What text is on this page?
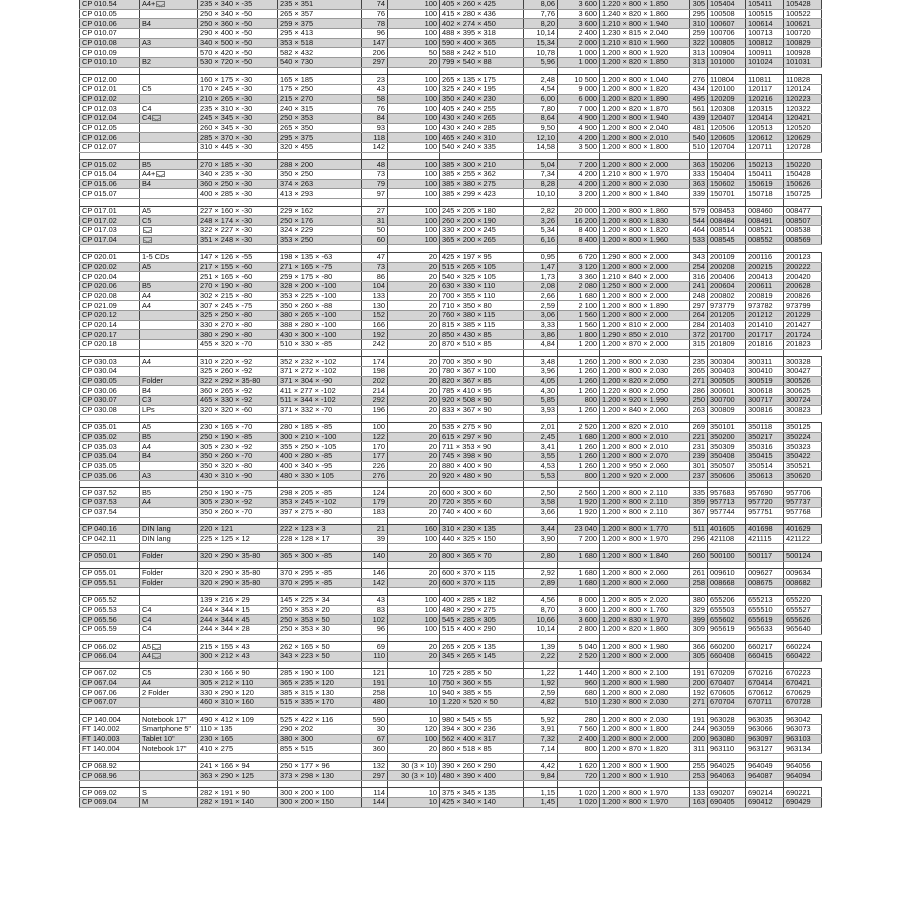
CP 010.54	A4+	235 × 340 × -35	235 × 351	74	100	405 × 260 × 425	8,06	3 600	1.220 × 800 × 1.850	305	105404	105411	105428
CP 010.05		250 × 340 × -50	265 × 357	76	100	415 × 280 × 436	7,76	3 600	1.240 × 820 × 1.860	295	100508	100515	100522
CP 010.06	B4	250 × 360 × -50	259 × 375	78	100	402 × 274 × 450	8,20	3 600	1.210 × 800 × 1.940	310	100607	100614	100621
CP 010.07		290 × 400 × -50	295 × 413	96	100	488 × 395 × 318	10,14	2 400	1.230 × 815 × 2.040	259	100706	100713	100720
CP 010.08	A3	340 × 500 × -50	353 × 518	147	100	590 × 400 × 365	15,34	2 000	1.210 × 810 × 1.960	322	100805	100812	100829
CP 010.09		570 × 420 × -50	582 × 432	206	50	588 × 242 × 510	10,78	1 000	1.200 × 800 × 1.920	313	100904	100911	100928
CP 010.10	B2	530 × 720 × -50	540 × 730	297	20	799 × 540 × 88	5,96	1 000	1.200 × 820 × 1.850	313	101000	101024	101031

CP 012.00		160 × 175 × -30	165 × 185	23	100	265 × 135 × 175	2,48	10 500	1.200 × 800 × 1.040	276	110804	110811	110828
CP 012.01	C5	170 × 245 × -30	175 × 250	43	100	325 × 240 × 195	4,54	9 000	1.200 × 800 × 1.820	434	120100	120117	120124
CP 012.02		210 × 265 × -30	215 × 270	58	100	350 × 240 × 230	6,00	6 000	1.200 × 820 × 1.890	495	120209	120216	120223
CP 012.03	C4	235 × 310 × -30	240 × 315	76	100	405 × 240 × 255	7,80	7 000	1.200 × 820 × 1.870	561	120308	120315	120322
CP 012.04	C4	245 × 345 × -30	250 × 353	84	100	430 × 240 × 265	8,64	4 900	1.200 × 800 × 1.940	439	120407	120414	120421
CP 012.05		260 × 345 × -30	265 × 350	93	100	430 × 240 × 285	9,50	4 900	1.200 × 800 × 2.040	481	120506	120513	120520
CP 012.06		285 × 370 × -30	295 × 375	118	100	465 × 240 × 310	12,10	4 200	1.200 × 800 × 2.010	540	120605	120612	120629
CP 012.07		310 × 445 × -30	320 × 455	142	100	540 × 240 × 335	14,58	3 500	1.200 × 800 × 1.800	510	120704	120711	120728

CP 015.02	B5	270 × 185 × -30	288 × 200	48	100	385 × 300 × 210	5,04	7 200	1.200 × 800 × 2.000	363	150206	150213	150220
CP 015.04	A4+	340 × 235 × -30	350 × 250	73	100	385 × 255 × 362	7,34	4 200	1.210 × 800 × 1.970	333	150404	150411	150428
CP 015.06	B4	360 × 250 × -30	374 × 263	79	100	385 × 380 × 275	8,28	4 200	1.200 × 800 × 2.030	363	150602	150619	150626
CP 015.07		400 × 285 × -30	413 × 293	97	100	385 × 299 × 423	10,10	3 200	1.200 × 800 × 1.840	339	150701	150718	150725

CP 017.01	A5	227 × 160 × -30	229 × 162	27	100	245 × 205 × 180	2,82	20 000	1.200 × 800 × 1.860	579	008453	008460	008477
CP 017.02	C5	248 × 174 × -30	250 × 176	31	100	260 × 200 × 190	3,26	16 200	1.200 × 800 × 1.830	544	008484	008491	008507
CP 017.03		322 × 227 × -30	324 × 229	50	100	330 × 200 × 245	5,34	8 400	1.200 × 800 × 1.820	464	008514	008521	008538
CP 017.04		351 × 248 × -30	353 × 250	60	100	365 × 200 × 265	6,16	8 400	1.200 × 800 × 1.960	533	008545	008552	008569

CP 020.01	1-5 CDs	147 × 126 × -55	198 × 135 × -63	47	20	425 × 197 × 95	0,95	6 720	1.290 × 800 × 2.000	343	200109	200116	200123
CP 020.02	A5	217 × 155 × -60	271 × 165 × -75	73	20	515 × 265 × 105	1,47	3 120	1.200 × 800 × 2.000	254	200208	200215	200222
CP 020.04		251 × 165 × -60	259 × 175 × -80	86	20	540 × 325 × 105	1,73	3 360	1.210 × 840 × 2.000	316	200406	200413	200420
CP 020.06	B5	270 × 190 × -80	328 × 200 × -100	104	20	630 × 330 × 110	2,08	2 080	1.250 × 800 × 2.000	241	200604	200611	200628
CP 020.08	A4	302 × 215 × -80	353 × 225 × -100	133	20	700 × 355 × 110	2,66	1 680	1.200 × 800 × 2.000	248	200802	200819	200826
CP 021.09	A4	307 × 245 × -75	350 × 260 × -88	130	20	710 × 350 × 80	2,59	2 100	1.200 × 800 × 1.890	297	973779	973782	973799
CP 020.12		325 × 250 × -80	380 × 265 × -100	152	20	760 × 380 × 115	3,06	1 560	1.200 × 800 × 2.000	264	201205	201212	201229
CP 020.14		330 × 270 × -80	388 × 280 × -100	166	20	815 × 385 × 115	3,33	1 560	1.200 × 810 × 2.000	284	201403	201410	201427
CP 020.17		380 × 290 × -80	430 × 300 × -100	192	20	850 × 430 × 85	3,86	1 800	1.290 × 850 × 2.010	372	201700	201717	201724
CP 020.18		455 × 320 × -70	510 × 330 × -85	242	20	870 × 510 × 85	4,84	1 200	1.200 × 870 × 2.000	315	201809	201816	201823

CP 030.03	A4	310 × 220 × -92	352 × 232 × -102	174	20	700 × 350 × 90	3,48	1 260	1.200 × 800 × 2.030	235	300304	300311	300328
CP 030.04		325 × 260 × -92	371 × 272 × -102	198	20	780 × 367 × 100	3,96	1 260	1.200 × 800 × 2.030	265	300403	300410	300427
CP 030.05	Folder	322 × 292 × 35-80	371 × 304 × -90	202	20	820 × 367 × 85	4,05	1 260	1.200 × 820 × 2.050	271	300505	300519	300526
CP 030.06	B4	360 × 265 × -92	411 × 277 × -102	214	20	785 × 410 × 95	4,30	1 260	1.220 × 800 × 2.050	286	300601	300618	300625
CP 030.07	C3	465 × 330 × -92	511 × 344 × -102	292	20	920 × 508 × 90	5,85	800	1.200 × 920 × 1.990	250	300700	300717	300724
CP 030.08	LPs	320 × 320 × -60	371 × 332 × -70	196	20	833 × 367 × 90	3,93	1 260	1.200 × 840 × 2.060	263	300809	300816	300823

CP 035.01	A5	230 × 165 × -70	280 × 185 × -85	100	20	535 × 275 × 90	2,01	2 520	1.200 × 820 × 2.010	269	350101	350118	350125
CP 035.02	B5	250 × 190 × -85	300 × 210 × -100	122	20	615 × 297 × 90	2,45	1 680	1.200 × 800 × 2.010	221	350200	350217	350224
CP 035.03	A4	305 × 230 × -92	355 × 250 × -105	170	20	711 × 353 × 90	3,41	1 260	1.200 × 800 × 2.010	231	350309	350316	350323
CP 035.04	B4	350 × 260 × -70	400 × 280 × -85	177	20	745 × 398 × 90	3,55	1 260	1.200 × 800 × 2.070	239	350408	350415	350422
CP 035.05		350 × 320 × -80	400 × 340 × -95	226	20	880 × 400 × 90	4,53	1 260	1.200 × 950 × 2.060	301	350507	350514	350521
CP 035.06	A3	430 × 310 × -90	480 × 330 × 105	276	20	920 × 480 × 90	5,53	800	1.200 × 920 × 2.000	237	350606	350613	350620

CP 037.52	B5	250 × 190 × -75	298 × 205 × -85	124	20	600 × 300 × 60	2,50	2 560	1.200 × 800 × 2.110	335	957683	957690	957706
CP 037.53	A4	305 × 230 × -92	353 × 245 × -102	179	20	720 × 355 × 60	3,58	1 920	1.200 × 800 × 2.110	359	957713	957720	957737
CP 037.54		350 × 260 × -70	397 × 275 × -80	183	20	740 × 400 × 60	3,66	1 920	1.200 × 800 × 2.110	367	957744	957751	957768

CP 040.16	DIN lang	220 × 121	222 × 123 × 3	21	160	310 × 230 × 135	3,44	23 040	1.200 × 800 × 1.770	511	401605	401698	401629
CP 042.11	DIN lang	225 × 125 × 12	228 × 128 × 17	39	100	440 × 325 × 150	3,90	7 200	1.200 × 800 × 1.970	296	421108	421115	421122

CP 050.01	Folder	320 × 290 × 35-80	365 × 300 × -85	140	20	800 × 365 × 70	2,80	1 680	1.200 × 800 × 1.840	260	500100	500117	500124

CP 055.01	Folder	320 × 290 × 35-80	370 × 295 × -85	146	20	600 × 370 × 115	2,92	1 680	1.200 × 800 × 2.060	261	009610	009627	009634
CP 055.51	Folder	320 × 290 × 35-80	370 × 295 × -85	142	20	600 × 370 × 115	2,89	1 680	1.200 × 800 × 2.060	258	008668	008675	008682

CP 065.52		139 × 216 × 29	145 × 225 × 34	43	100	400 × 285 × 182	4,56	8 000	1.200 × 805 × 2.020	380	655206	655213	655220
CP 065.53	C4	244 × 344 × 15	250 × 353 × 20	83	100	480 × 290 × 275	8,70	3 600	1.200 × 800 × 1.760	329	655503	655510	655527
CP 065.56	C4	244 × 344 × 45	250 × 353 × 50	102	100	545 × 285 × 305	10,66	3 600	1.200 × 830 × 1.970	399	655602	655619	655626
CP 065.59	C4	244 × 344 × 28	250 × 353 × 30	96	100	515 × 400 × 290	10,14	2 800	1.200 × 820 × 1.860	309	965619	965633	965640

CP 066.02	A5	215 × 155 × 43	262 × 165 × 50	69	20	265 × 205 × 135	1,39	5 040	1.200 × 800 × 1.980	366	660200	660217	660224
CP 066.04	A4	300 × 212 × 43	343 × 223 × 50	110	20	345 × 265 × 145	2,22	2 520	1.200 × 800 × 2.000	305	660408	660415	660422

CP 067.02	C5	230 × 166 × 90	285 × 190 × 100	121	10	725 × 285 × 50	1,22	1 440	1.200 × 800 × 2.100	191	670209	670216	670223
CP 067.04	A4	305 × 212 × 110	365 × 235 × 120	191	10	750 × 360 × 55	1,92	960	1.200 × 800 × 1.980	200	670407	670414	670421
CP 067.06	2 Folder	330 × 290 × 120	385 × 315 × 130	258	10	940 × 385 × 55	2,59	680	1.200 × 800 × 2.080	192	670605	670612	670629
CP 067.07		460 × 310 × 160	515 × 335 × 170	480	10	1.220 × 520 × 50	4,82	510	1.230 × 800 × 2.030	271	670704	670711	670728

CP 140.004	Notebook 17"	490 × 412 × 109	525 × 422 × 116	590	10	980 × 545 × 55	5,92	280	1.200 × 800 × 2.030	191	963028	963035	963042
FT 140.002	Smartphone 5"	110 × 135	290 × 202	30	120	394 × 300 × 236	3,91	7 560	1.200 × 800 × 1.800	244	963059	963066	963073
FT 140.003	Tablet 10"	230 × 165	380 × 300	67	100	562 × 400 × 317	7,32	2 400	1.200 × 800 × 2.000	200	963080	963097	963103
FT 140.004	Notebook 17"	410 × 275	855 × 515	360	20	860 × 518 × 85	7,14	800	1.200 × 870 × 1.820	311	963110	963127	963134

CP 068.92		241 × 166 × 94	250 × 177 × 96	132	30 (3 × 10)	390 × 260 × 290	4,42	1 620	1.200 × 800 × 1.900	255	964025	964049	964056
CP 068.96		363 × 290 × 125	373 × 298 × 130	297	30 (3 × 10)	480 × 390 × 400	9,84	720	1.200 × 800 × 1.910	253	964063	964087	964094

CP 069.02	S	282 × 191 × 90	300 × 200 × 100	114	10	375 × 345 × 135	1,15	1 020	1.200 × 800 × 1.970	133	690207	690214	690221
CP 069.04	M	282 × 191 × 140	300 × 200 × 150	144	10	425 × 340 × 140	1,45	1 020	1.200 × 800 × 1.970	163	690405	690412	690429
